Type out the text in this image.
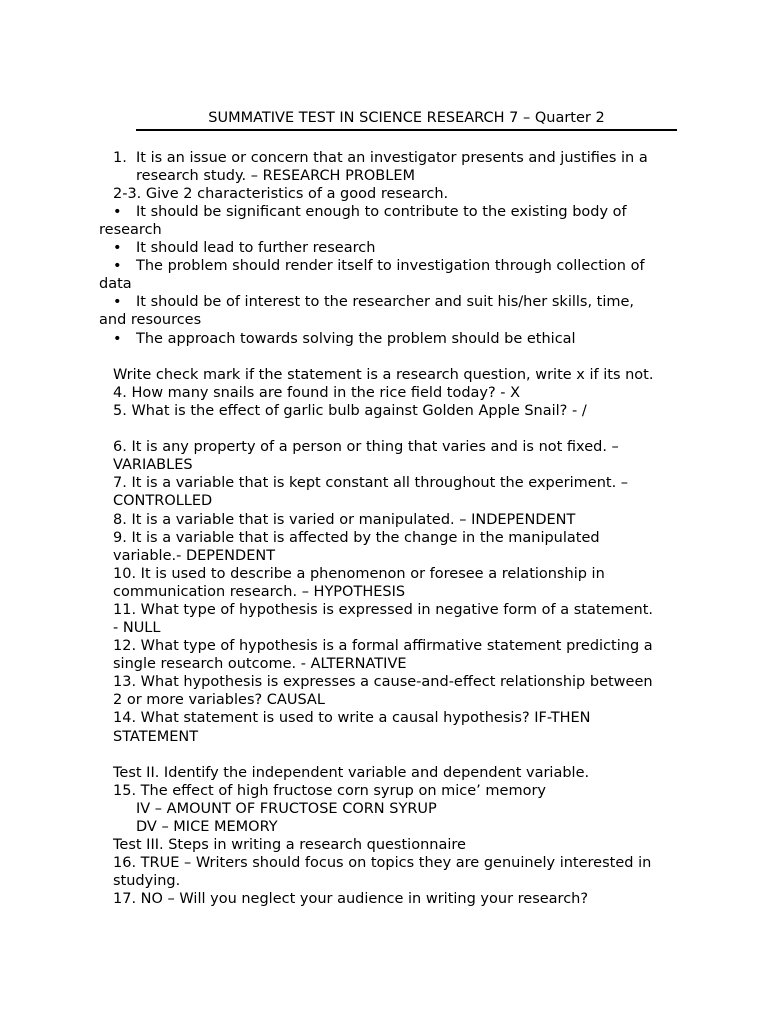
SUMMATIVE TEST IN SCIENCE RESEARCH 7 – Quarter 2
1. It is an issue or concern that an investigator presents and justifies in a
research study. – RESEARCH PROBLEM
2-3. Give 2 characteristics of a good research.
• It should be significant enough to contribute to the existing body of
research
• It should lead to further research
• The problem should render itself to investigation through collection of
data
• It should be of interest to the researcher and suit his/her skills, time,
and resources
• The approach towards solving the problem should be ethical
Write check mark if the statement is a research question, write x if its not.
4. How many snails are found in the rice field today? - X
5. What is the effect of garlic bulb against Golden Apple Snail? - /
6. It is any property of a person or thing that varies and is not fixed. –
VARIABLES
7. It is a variable that is kept constant all throughout the experiment. –
CONTROLLED
8. It is a variable that is varied or manipulated. – INDEPENDENT
9. It is a variable that is affected by the change in the manipulated
variable.- DEPENDENT
10. It is used to describe a phenomenon or foresee a relationship in
communication research. – HYPOTHESIS
11. What type of hypothesis is expressed in negative form of a statement.
- NULL
12. What type of hypothesis is a formal affirmative statement predicting a
single research outcome. - ALTERNATIVE
13. What hypothesis is expresses a cause-and-effect relationship between
2 or more variables? CAUSAL
14. What statement is used to write a causal hypothesis? IF-THEN
STATEMENT
Test II. Identify the independent variable and dependent variable.
15. The effect of high fructose corn syrup on mice’ memory
IV – AMOUNT OF FRUCTOSE CORN SYRUP
DV – MICE MEMORY
Test III. Steps in writing a research questionnaire
16. TRUE – Writers should focus on topics they are genuinely interested in
studying.
17. NO – Will you neglect your audience in writing your research?
